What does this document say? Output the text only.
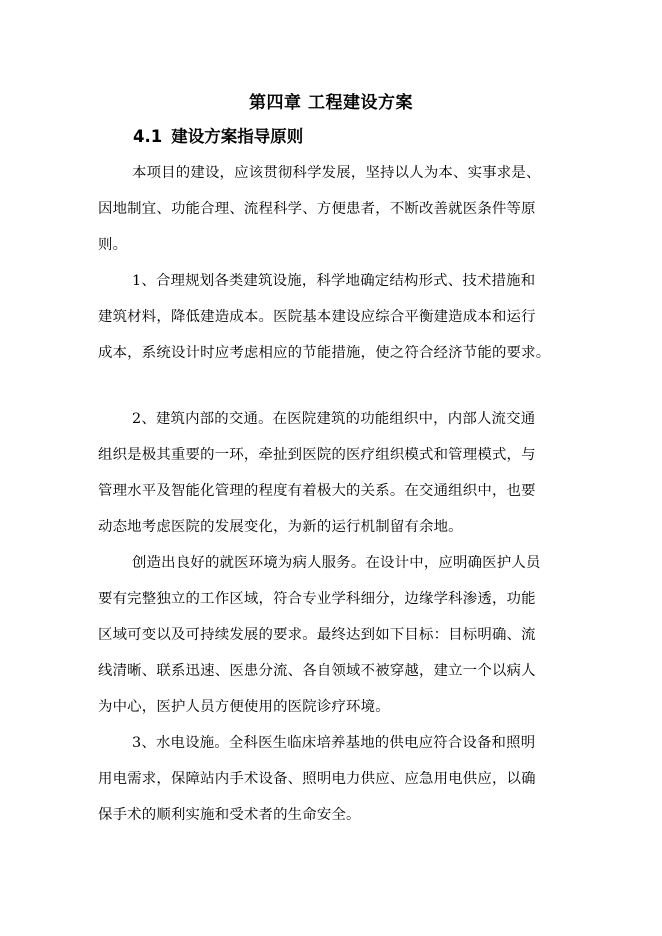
第四章 工程建设方案
4.1 建设方案指导原则
本项目的建设，应该贯彻科学发展，坚持以人为本、实事求是、
因地制宜、功能合理、流程科学、方便患者，不断改善就医条件等原
则。
1、合理规划各类建筑设施，科学地确定结构形式、技术措施和
建筑材料，降低建造成本。医院基本建设应综合平衡建造成本和运行
成本，系统设计时应考虑相应的节能措施，使之符合经济节能的要求。
2、建筑内部的交通。在医院建筑的功能组织中，内部人流交通
组织是极其重要的一环，牵扯到医院的医疗组织模式和管理模式，与
管理水平及智能化管理的程度有着极大的关系。在交通组织中，也要
动态地考虑医院的发展变化，为新的运行机制留有余地。
创造出良好的就医环境为病人服务。在设计中，应明确医护人员
要有完整独立的工作区域，符合专业学科细分，边缘学科渗透，功能
区域可变以及可持续发展的要求。最终达到如下目标：目标明确、流
线清晰、联系迅速、医患分流、各自领域不被穿越，建立一个以病人
为中心，医护人员方便使用的医院诊疗环境。
3、水电设施。全科医生临床培养基地的供电应符合设备和照明
用电需求，保障站内手术设备、照明电力供应、应急用电供应，以确
保手术的顺利实施和受术者的生命安全。
